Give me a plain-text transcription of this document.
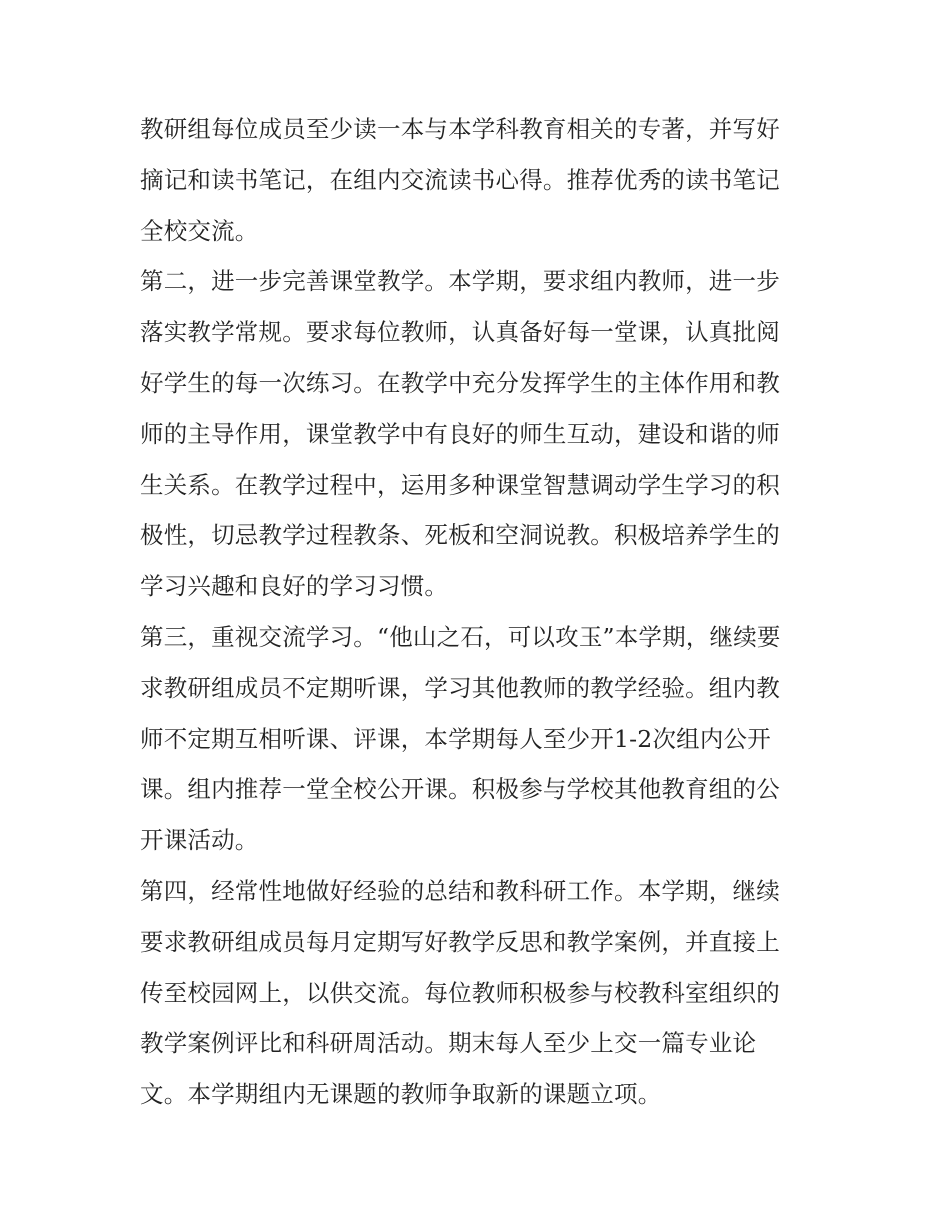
教研组每位成员至少读一本与本学科教育相关的专著，并写好
摘记和读书笔记，在组内交流读书心得。推荐优秀的读书笔记
全校交流。
第二，进一步完善课堂教学。本学期，要求组内教师，进一步
落实教学常规。要求每位教师，认真备好每一堂课，认真批阅
好学生的每一次练习。在教学中充分发挥学生的主体作用和教
师的主导作用，课堂教学中有良好的师生互动，建设和谐的师
生关系。在教学过程中，运用多种课堂智慧调动学生学习的积
极性，切忌教学过程教条、死板和空洞说教。积极培养学生的
学习兴趣和良好的学习习惯。
第三，重视交流学习。“他山之石，可以攻玉”本学期，继续要
求教研组成员不定期听课，学习其他教师的教学经验。组内教
师不定期互相听课、评课，本学期每人至少开1-2次组内公开
课。组内推荐一堂全校公开课。积极参与学校其他教育组的公
开课活动。
第四，经常性地做好经验的总结和教科研工作。本学期，继续
要求教研组成员每月定期写好教学反思和教学案例，并直接上
传至校园网上，以供交流。每位教师积极参与校教科室组织的
教学案例评比和科研周活动。期末每人至少上交一篇专业论
文。本学期组内无课题的教师争取新的课题立项。
